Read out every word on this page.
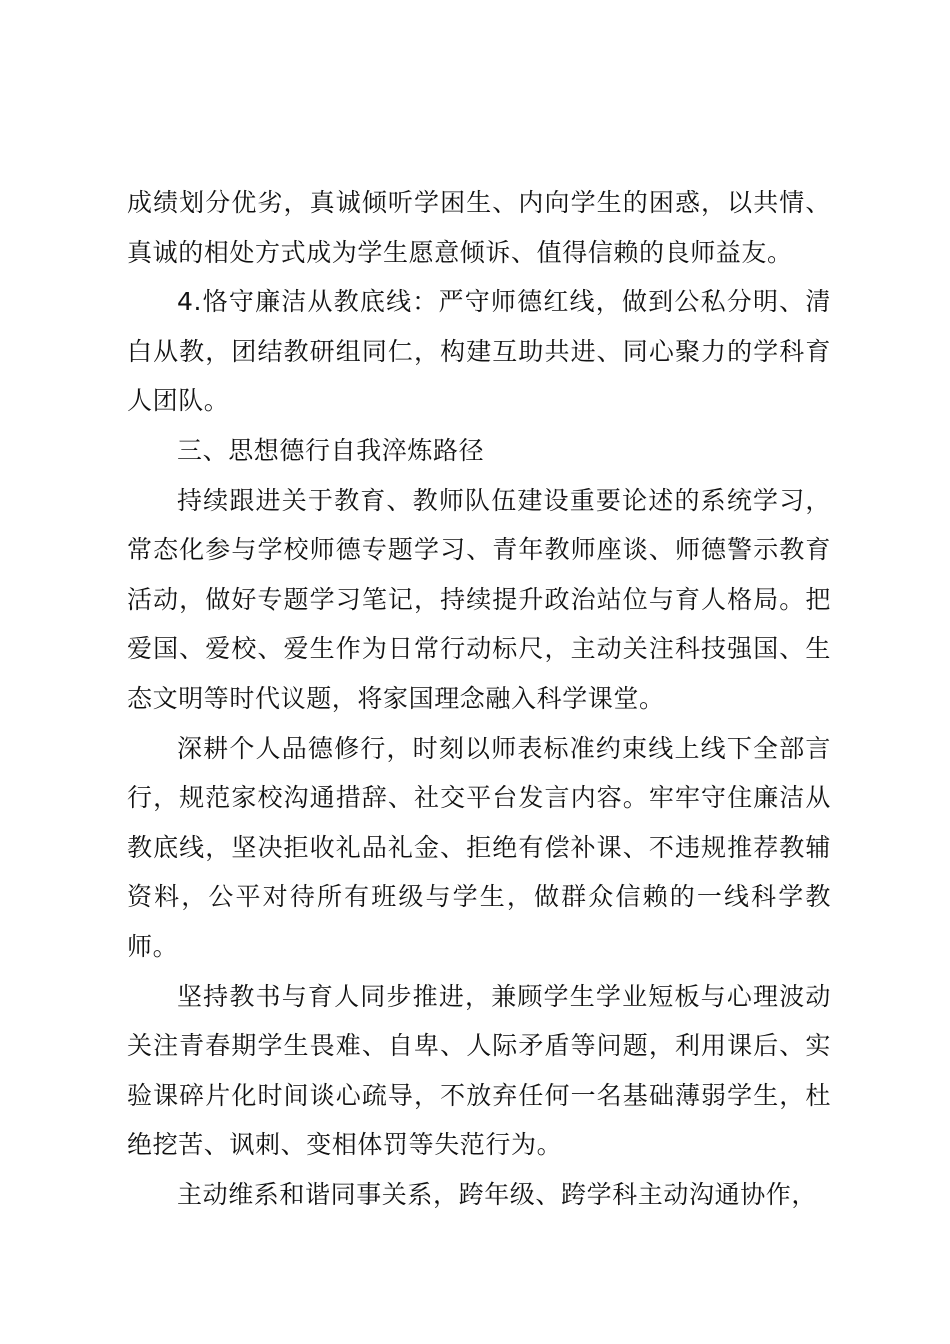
成绩划分优劣，真诚倾听学困生、内向学生的困惑，以共情、真诚的相处方式成为学生愿意倾诉、值得信赖的良师益友。

4.恪守廉洁从教底线：严守师德红线，做到公私分明、清白从教，团结教研组同仁，构建互助共进、同心聚力的学科育人团队。

三、思想德行自我淬炼路径

持续跟进关于教育、教师队伍建设重要论述的系统学习，常态化参与学校师德专题学习、青年教师座谈、师德警示教育活动，做好专题学习笔记，持续提升政治站位与育人格局。把爱国、爱校、爱生作为日常行动标尺，主动关注科技强国、生态文明等时代议题，将家国理念融入科学课堂。

深耕个人品德修行，时刻以师表标准约束线上线下全部言行，规范家校沟通措辞、社交平台发言内容。牢牢守住廉洁从教底线，坚决拒收礼品礼金、拒绝有偿补课、不违规推荐教辅资料，公平对待所有班级与学生，做群众信赖的一线科学教师。

坚持教书与育人同步推进，兼顾学生学业短板与心理波动关注青春期学生畏难、自卑、人际矛盾等问题，利用课后、实验课碎片化时间谈心疏导，不放弃任何一名基础薄弱学生，杜绝挖苦、讽刺、变相体罚等失范行为。

主动维系和谐同事关系，跨年级、跨学科主动沟通协作，
